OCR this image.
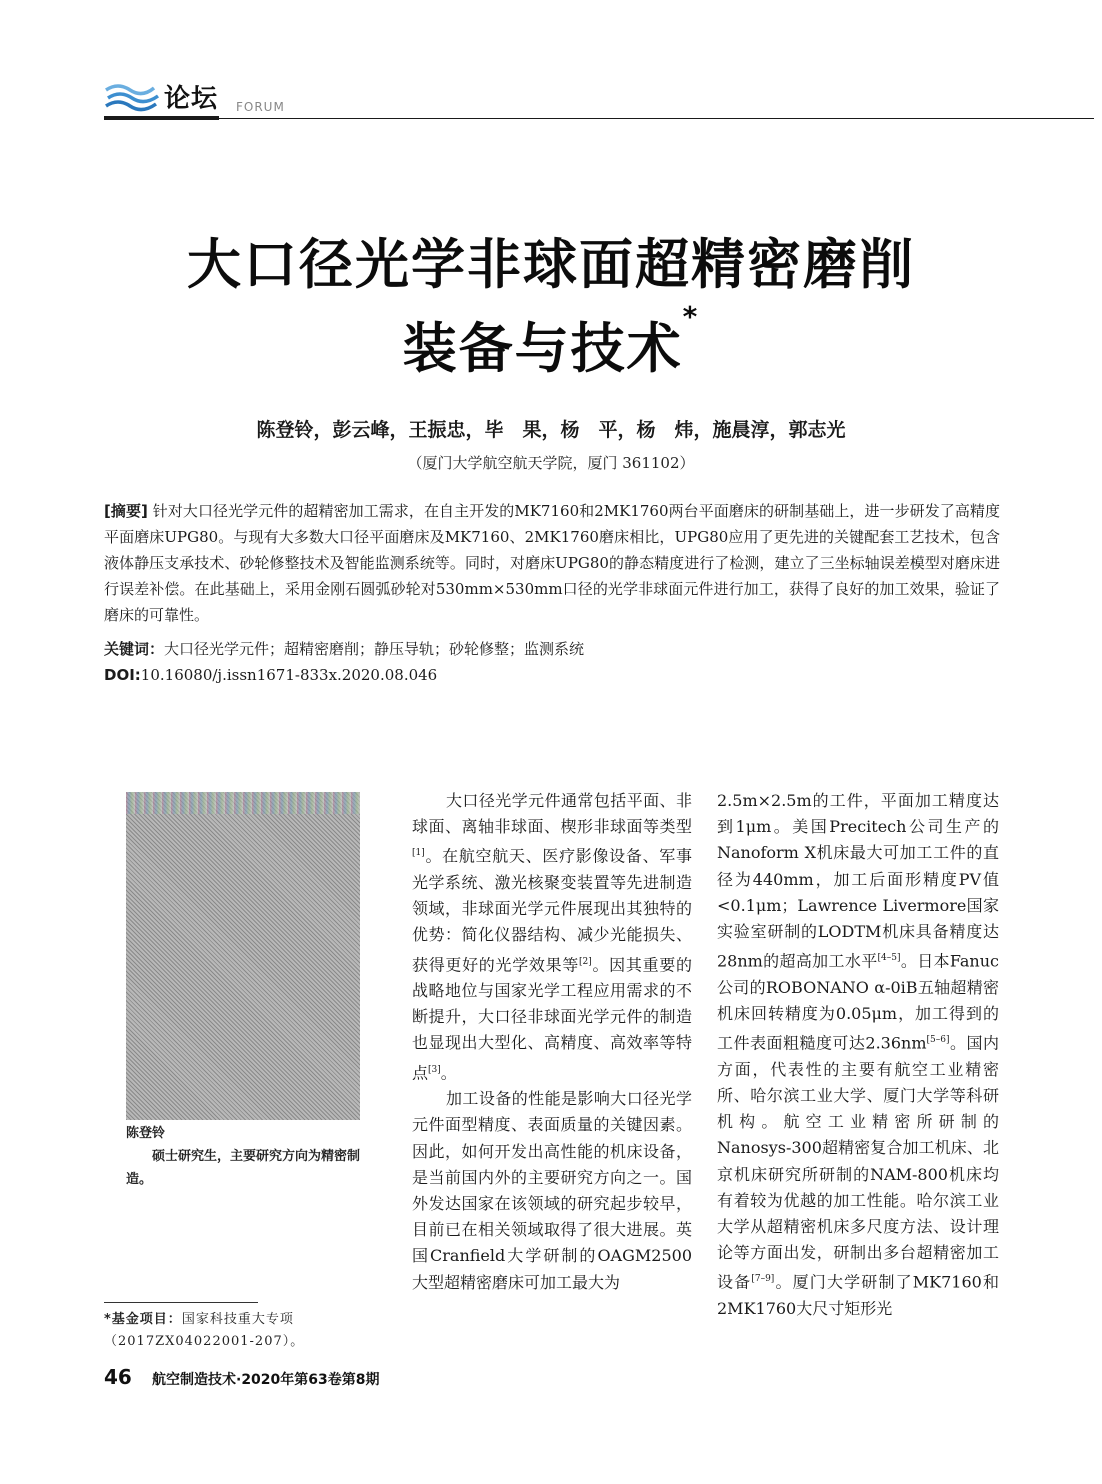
论坛 FORUM
大口径光学非球面超精密磨削
装备与技术*
陈登铃，彭云峰，王振忠，毕　果，杨　平，杨　炜，施晨淳，郭志光
（厦门大学航空航天学院，厦门 361102）
[摘要] 针对大口径光学元件的超精密加工需求，在自主开发的MK7160和2MK1760两台平面磨床的研制基础上，进一步研发了高精度平面磨床UPG80。与现有大多数大口径平面磨床及MK7160、2MK1760磨床相比，UPG80应用了更先进的关键配套工艺技术，包含液体静压支承技术、砂轮修整技术及智能监测系统等。同时，对磨床UPG80的静态精度进行了检测，建立了三坐标轴误差模型对磨床进行误差补偿。在此基础上，采用金刚石圆弧砂轮对530mm×530mm口径的光学非球面元件进行加工，获得了良好的加工效果，验证了磨床的可靠性。
关键词：大口径光学元件；超精密磨削；静压导轨；砂轮修整；监测系统
DOI:10.16080/j.issn1671-833x.2020.08.046
陈登铃
硕士研究生，主要研究方向为精密制造。
*基金项目：国家科技重大专项（2017ZX04022001-207）。

大口径光学元件通常包括平面、非球面、离轴非球面、楔形非球面等类型[1]。在航空航天、医疗影像设备、军事光学系统、激光核聚变装置等先进制造领域，非球面光学元件展现出其独特的优势：简化仪器结构、减少光能损失、获得更好的光学效果等[2]。因其重要的战略地位与国家光学工程应用需求的不断提升，大口径非球面光学元件的制造也显现出大型化、高精度、高效率等特点[3]。

加工设备的性能是影响大口径光学元件面型精度、表面质量的关键因素。因此，如何开发出高性能的机床设备，是当前国内外的主要研究方向之一。国外发达国家在该领域的研究起步较早，目前已在相关领域取得了很大进展。英国Cranfield大学研制的OAGM2500大型超精密磨床可加工最大为

2.5m×2.5m的工件，平面加工精度达到1μm。美国Precitech公司生产的Nanoform X机床最大可加工工件的直径为440mm，加工后面形精度PV值<0.1μm；Lawrence Livermore国家实验室研制的LODTM机床具备精度达28nm的超高加工水平[4–5]。日本Fanuc公司的ROBONANO α-0iB五轴超精密机床回转精度为0.05μm，加工得到的工件表面粗糙度可达2.36nm[5–6]。国内方面，代表性的主要有航空工业精密所、哈尔滨工业大学、厦门大学等科研机构。航空工业精密所研制的Nanosys-300超精密复合加工机床、北京机床研究所研制的NAM-800机床均有着较为优越的加工性能。哈尔滨工业大学从超精密机床多尺度方法、设计理论等方面出发，研制出多台超精密加工设备[7–9]。厦门大学研制了MK7160和2MK1760大尺寸矩形光

46 航空制造技术·2020年第63卷第8期
